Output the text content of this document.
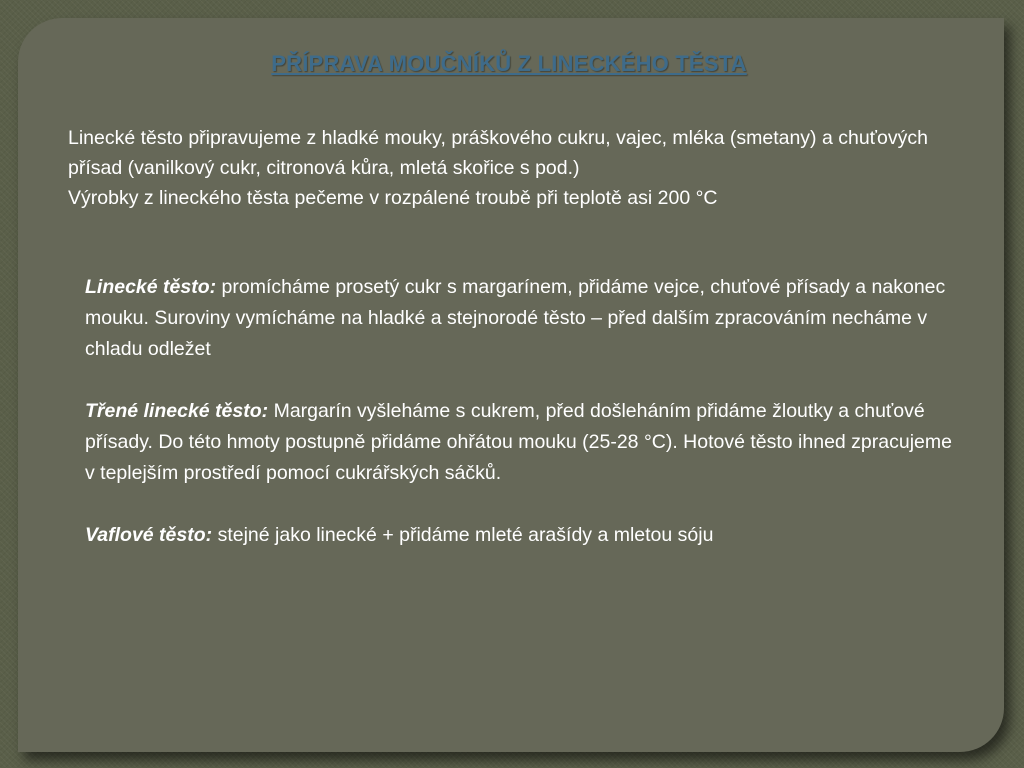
PŘÍPRAVA MOUČNÍKŮ Z LINECKÉHO TĚSTA

Linecké těsto připravujeme z hladké mouky, práškového cukru, vajec, mléka (smetany) a chuťových přísad (vanilkový cukr, citronová kůra, mletá skořice s pod.)

Výrobky z lineckého těsta pečeme v rozpálené troubě při teplotě asi 200 °C

Linecké těsto: promícháme prosetý cukr s margarínem, přidáme vejce, chuťové přísady a nakonec mouku. Suroviny vymícháme na hladké a stejnorodé těsto – před dalším zpracováním necháme v chladu odležet

Třené linecké těsto: Margarín vyšleháme s cukrem, před došleháním přidáme žloutky a chuťové přísady. Do této hmoty postupně přidáme ohřátou mouku (25-28 °C). Hotové těsto ihned zpracujeme v teplejším prostředí pomocí cukrářských sáčků.

Vaflové těsto: stejné jako linecké + přidáme mleté arašídy a mletou sóju
